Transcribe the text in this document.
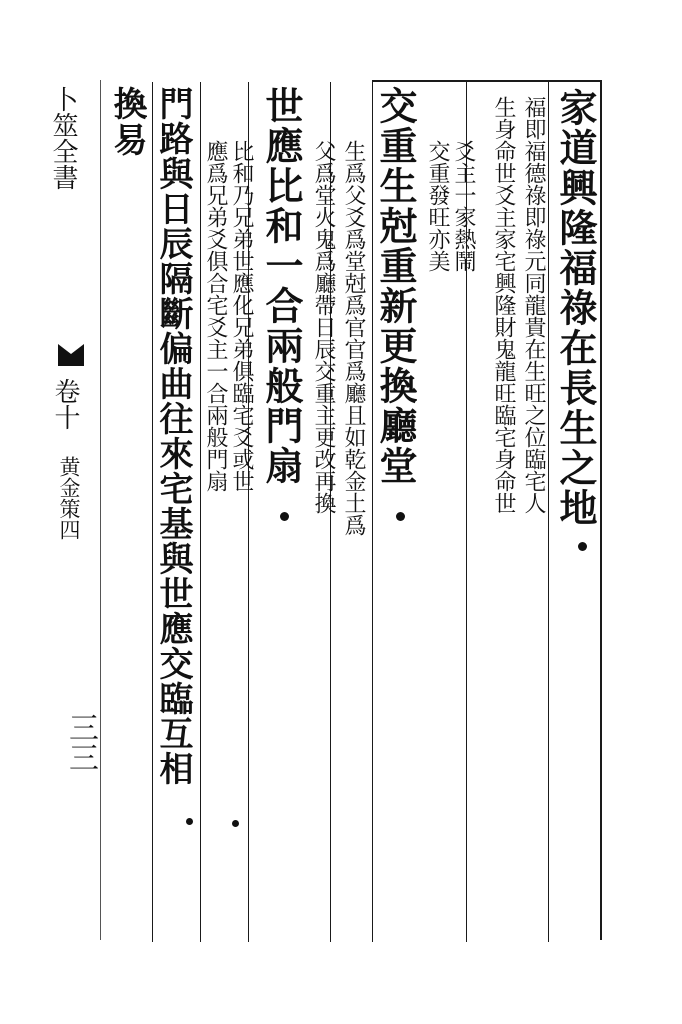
卜筮全書
卷十
黄金策四
三三
家道興隆福祿在長生之地
福即福德祿即祿元同龍貴在生旺之位臨宅人
生身命世爻主家宅興隆財鬼龍旺臨宅身命世
爻主一家熱鬧
交重發旺亦美
交重生尅重新更換廳堂
生爲父爻爲堂尅爲官官爲廳且如乾金土爲
父爲堂火鬼爲廳帶日辰交重主更改再換
世應比和一合兩般門扇
比和乃兄弟世應化兄弟俱臨宅爻或世
應爲兄弟爻俱合宅爻主一合兩般門扇
門路與日辰隔斷偏曲往來宅基與世應交臨互相
換易
